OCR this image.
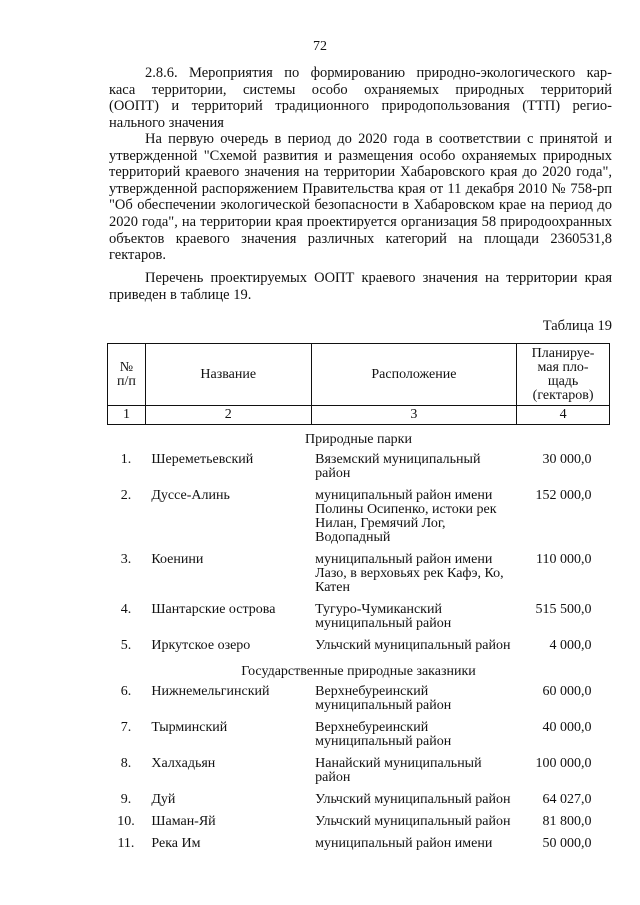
72
2.8.6. Мероприятия по формированию природно-экологического кар-
каса территории, системы особо охраняемых природных территорий
(ООПТ) и территорий традиционного природопользования (ТТП) регио-
нального значения

На первую очередь в период до 2020 года в соответствии с принятой и утвержденной "Схемой развития и размещения особо охраняемых природных территорий краевого значения на территории Хабаровского края до 2020 года", утвержденной распоряжением Правительства края от 11 декабря 2010 № 758-рп "Об обеспечении экологической безопасности в Хабаровском крае на период до 2020 года", на территории края проектируется организация 58 природоохранных объектов краевого значения различных категорий на площади 2360531,8 гектаров.

Перечень проектируемых ООПТ краевого значения на территории края приведен в таблице 19.

Таблица 19
№
п/п	Название	Расположение	Планируе-
мая пло-
щадь
(гектаров)
1	2	3	4
Природные парки			
1.	Шереметьевский	Вяземский муниципальный район	30 000,0
2.	Дуссе-Алинь	муниципальный район имени Полины Осипенко, истоки рек Нилан, Гремячий Лог, Водопадный	152 000,0
3.	Коенини	муниципальный район имени Лазо, в верховьях рек Кафэ, Ко, Катен	110 000,0
4.	Шантарские острова	Тугуро-Чумиканский муниципальный район	515 500,0
5.	Иркутское озеро	Ульчский муниципальный район	4 000,0
Государственные природные заказники			
6.	Нижнемельгинский	Верхнебуреинский муниципальный район	60 000,0
7.	Тырминский	Верхнебуреинский муниципальный район	40 000,0
8.	Халхадьян	Нанайский муниципальный район	100 000,0
9.	Дуй	Ульчский муниципальный район	64 027,0
10.	Шаман-Яй	Ульчский муниципальный район	81 800,0
11.	Река Им	муниципальный район имени	50 000,0
